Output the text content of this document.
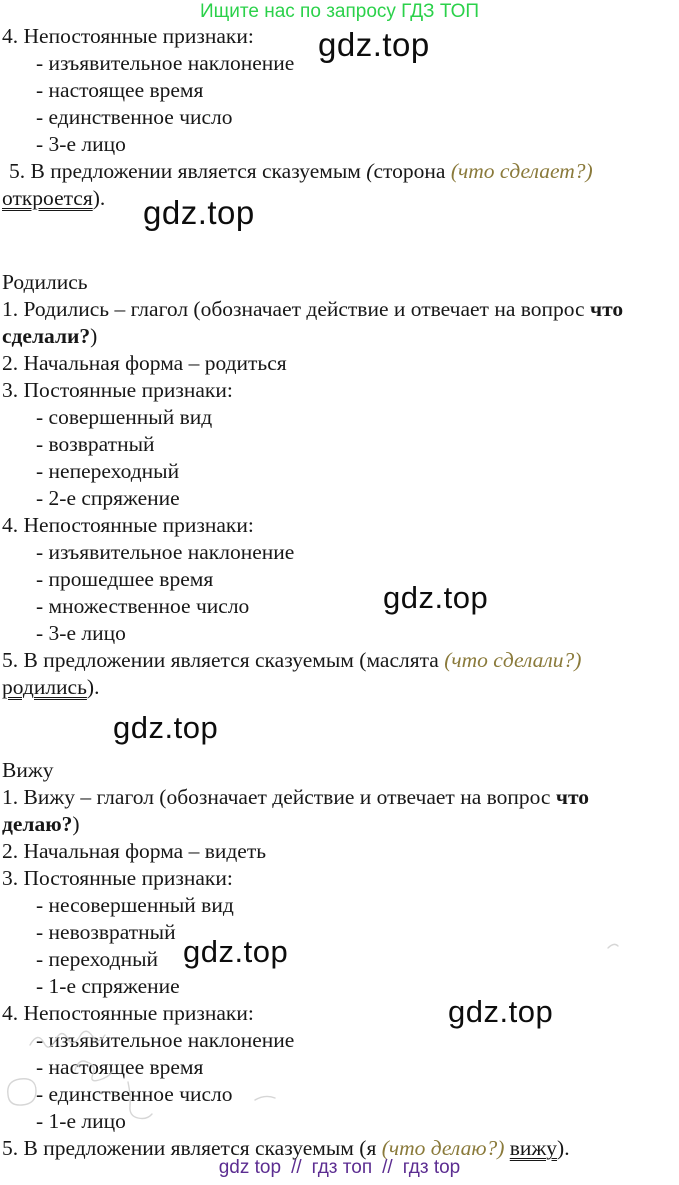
Ищите нас по запросу ГДЗ ТОП
4. Непостоянные признаки:
- изъявительное наклонение
- настоящее время
- единственное число
- 3-е лицо
5. В предложении является сказуемым (сторона (что сделает?)
откроется).
Родились
1. Родились – глагол (обозначает действие и отвечает на вопрос что
сделали?)
2. Начальная форма – родиться
3. Постоянные признаки:
- совершенный вид
- возвратный
- непереходный
- 2-е спряжение
4. Непостоянные признаки:
- изъявительное наклонение
- прошедшее время
- множественное число
- 3-е лицо
5. В предложении является сказуемым (маслята (что сделали?)
родились).
Вижу
1. Вижу – глагол (обозначает действие и отвечает на вопрос что
делаю?)
2. Начальная форма – видеть
3. Постоянные признаки:
- несовершенный вид
- невозвратный
- переходный
- 1-е спряжение
4. Непостоянные признаки:
- изъявительное наклонение
- настоящее время
- единственное число
- 1-е лицо
5. В предложении является сказуемым (я (что делаю?) вижу).
gdz.top
gdz.top
gdz.top
gdz.top
gdz.top
gdz.top
gdz top // гдз топ // гдз top
